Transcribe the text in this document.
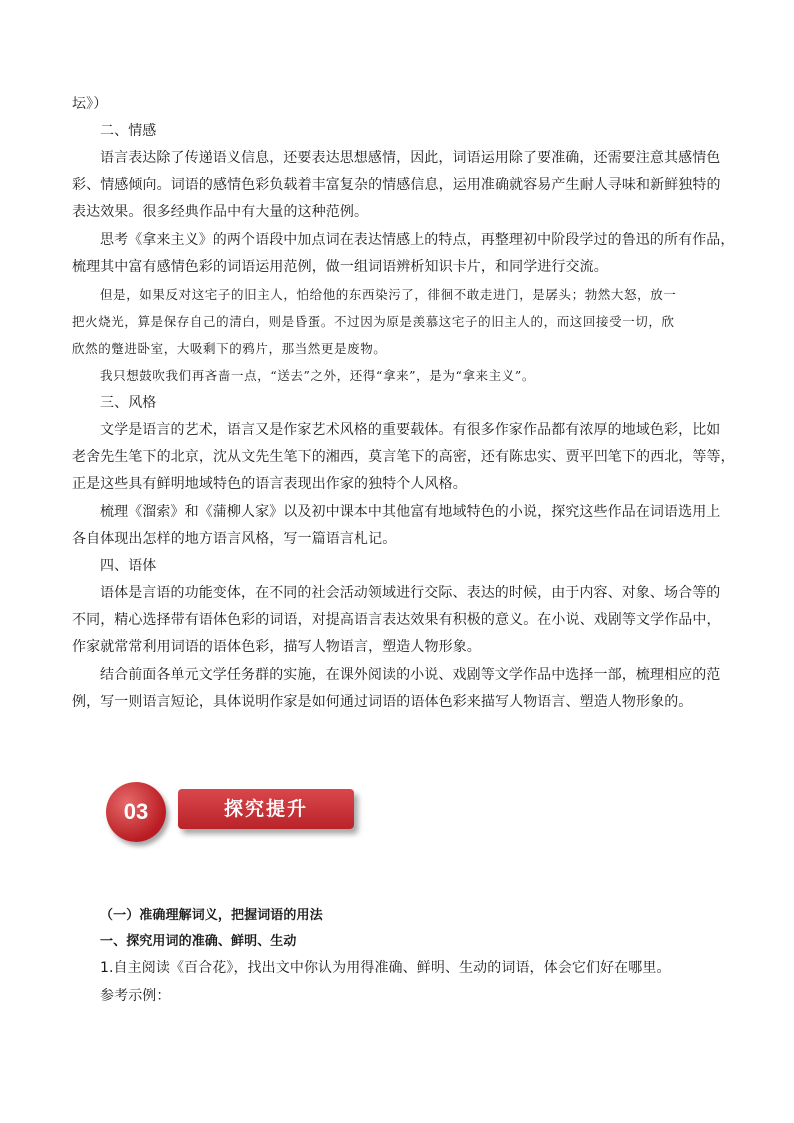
坛》）
二、情感
语言表达除了传递语义信息，还要表达思想感情，因此，词语运用除了要准确，还需要注意其感情色
彩、情感倾向。词语的感情色彩负载着丰富复杂的情感信息，运用准确就容易产生耐人寻味和新鲜独特的
表达效果。很多经典作品中有大量的这种范例。
思考《拿来主义》的两个语段中加点词在表达情感上的特点，再整理初中阶段学过的鲁迅的所有作品，
梳理其中富有感情色彩的词语运用范例，做一组词语辨析知识卡片，和同学进行交流。
但是，如果反对这宅子的旧主人，怕给他的东西染污了，徘徊不敢走进门，是孱头；勃然大怒，放一
把火烧光，算是保存自己的清白，则是昏蛋。不过因为原是羡慕这宅子的旧主人的，而这回接受一切，欣
欣然的蹩进卧室，大吸剩下的鸦片，那当然更是废物。
我只想鼓吹我们再吝啬一点，“送去”之外，还得“拿来”，是为“拿来主义”。
三、风格
文学是语言的艺术，语言又是作家艺术风格的重要载体。有很多作家作品都有浓厚的地域色彩，比如
老舍先生笔下的北京，沈从文先生笔下的湘西，莫言笔下的高密，还有陈忠实、贾平凹笔下的西北，等等，
正是这些具有鲜明地域特色的语言表现出作家的独特个人风格。
梳理《溜索》和《蒲柳人家》以及初中课本中其他富有地域特色的小说，探究这些作品在词语选用上
各自体现出怎样的地方语言风格，写一篇语言札记。
四、语体
语体是言语的功能变体，在不同的社会活动领域进行交际、表达的时候，由于内容、对象、场合等的
不同，精心选择带有语体色彩的词语，对提高语言表达效果有积极的意义。在小说、戏剧等文学作品中，
作家就常常利用词语的语体色彩，描写人物语言，塑造人物形象。
结合前面各单元文学任务群的实施，在课外阅读的小说、戏剧等文学作品中选择一部，梳理相应的范
例，写一则语言短论，具体说明作家是如何通过词语的语体色彩来描写人物语言、塑造人物形象的。
03	探究提升
（一）准确理解词义，把握词语的用法
一、探究用词的准确、鲜明、生动
1.自主阅读《百合花》，找出文中你认为用得准确、鲜明、生动的词语，体会它们好在哪里。
参考示例：
